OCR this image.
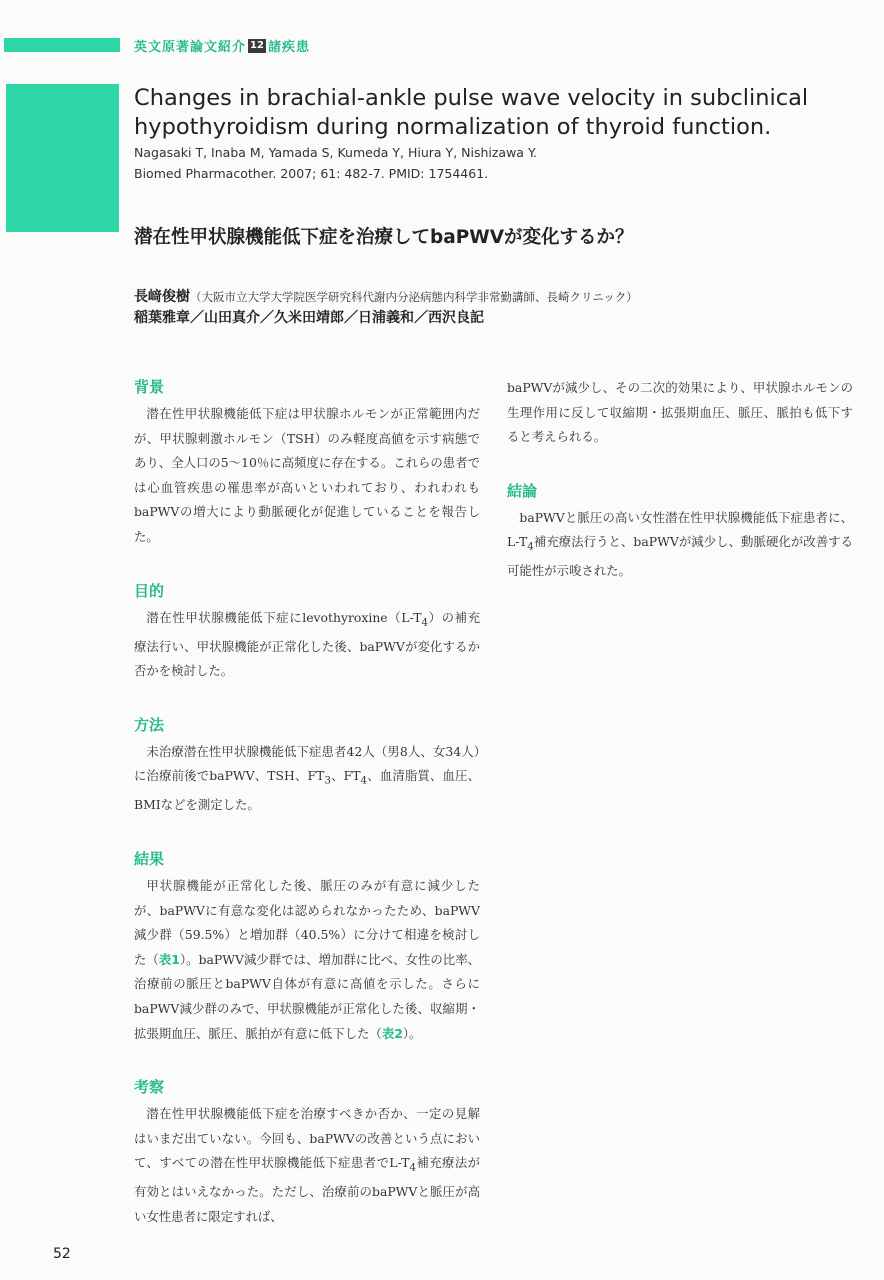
英文原著論文紹介 12 諸疾患
Changes in brachial-ankle pulse wave velocity in subclinical
hypothyroidism during normalization of thyroid function.
Nagasaki T, Inaba M, Yamada S, Kumeda Y, Hiura Y, Nishizawa Y.
Biomed Pharmacother. 2007; 61: 482-7. PMID: 1754461.
潜在性甲状腺機能低下症を治療してbaPWVが変化するか？
長﨑俊樹（大阪市立大学大学院医学研究科代謝内分泌病態内科学非常勤講師、長崎クリニック）
稲葉雅章／山田真介／久米田靖郎／日浦義和／西沢良記
背景

潜在性甲状腺機能低下症は甲状腺ホルモンが正常範囲内だが、甲状腺刺激ホルモン（TSH）のみ軽度高値を示す病態であり、全人口の5～10％に高頻度に存在する。これらの患者では心血管疾患の罹患率が高いといわれており、われわれもbaPWVの増大により動脈硬化が促進していることを報告した。

目的

潜在性甲状腺機能低下症に$levothyroxine(L-T_4)$の補充療法行い、甲状腺機能が正常化した後、baPWVが変化するか否かを検討した。

方法

未治療潜在性甲状腺機能低下症患者42人（男8人、女34人）に治療前後でbaPWV、TSH、$FT_3$、$FT_4$、血清脂質、血圧、BMIなどを測定した。

結果

甲状腺機能が正常化した後、脈圧のみが有意に減少したが、baPWVに有意な変化は認められなかったため、baPWV減少群（59.5%）と増加群（40.5%）に分けて相違を検討した（表1）。baPWV減少群では、増加群に比べ、女性の比率、治療前の脈圧とbaPWV自体が有意に高値を示した。さらにbaPWV減少群のみで、甲状腺機能が正常化した後、収縮期・拡張期血圧、脈圧、脈拍が有意に低下した（表2）。

考察

潜在性甲状腺機能低下症を治療すべきか否か、一定の見解はいまだ出ていない。今回も、baPWVの改善という点において、すべての潜在性甲状腺機能低下症患者で$L-T_4$補充療法が有効とはいえなかった。ただし、治療前のbaPWVと脈圧が高い女性患者に限定すれば、

baPWVが減少し、その二次的効果により、甲状腺ホルモンの生理作用に反して収縮期・拡張期血圧、脈圧、脈拍も低下すると考えられる。

結論

baPWVと脈圧の高い女性潜在性甲状腺機能低下症患者に、$L-T_4$補充療法行うと、baPWVが減少し、動脈硬化が改善する可能性が示唆された。

52
